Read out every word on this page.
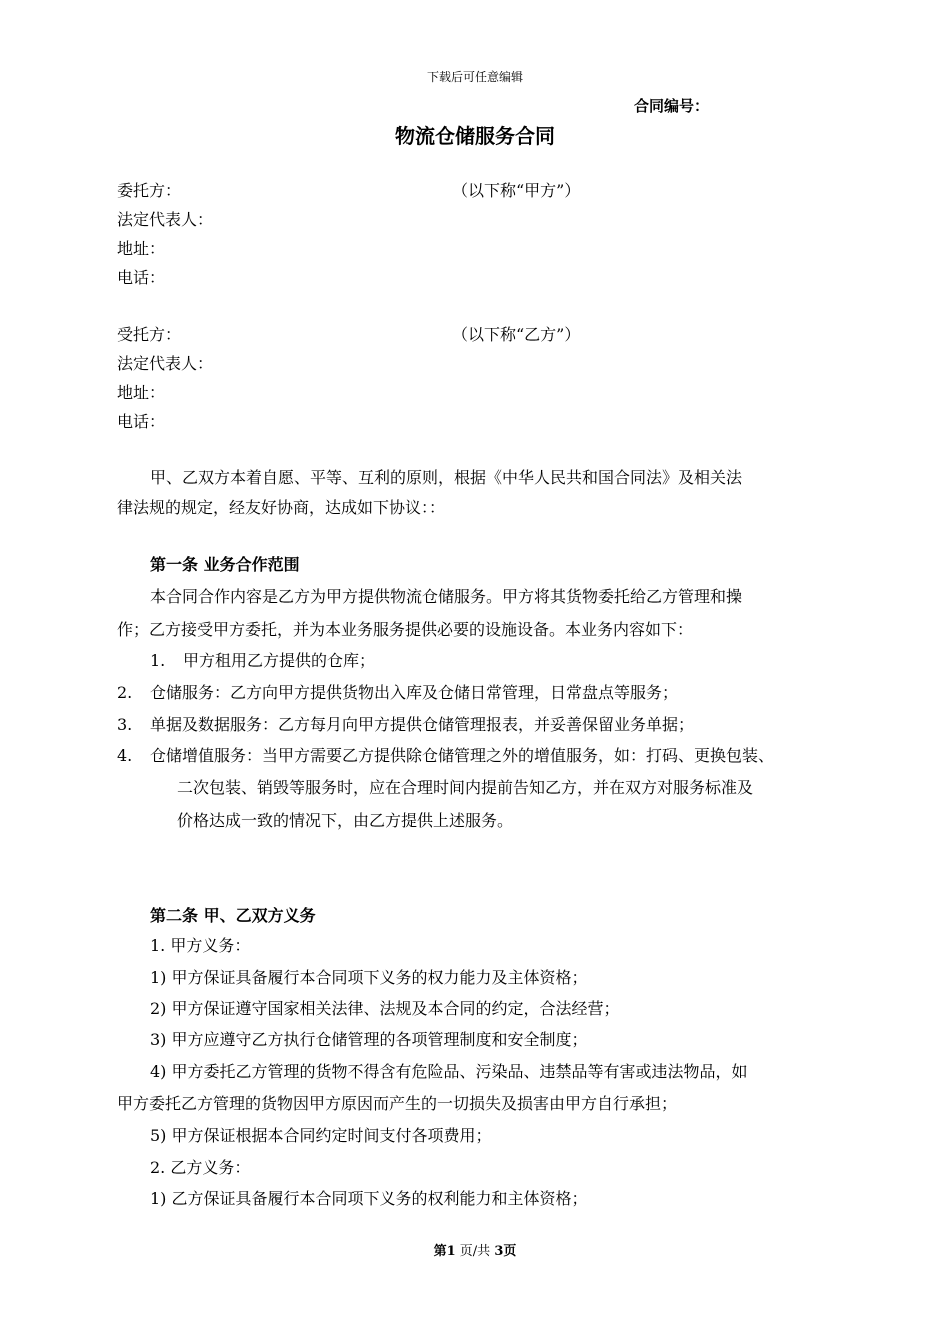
下载后可任意编辑
合同编号：
物流仓储服务合同
委托方：	（以下称“甲方”）
法定代表人：
地址：
电话：
受托方：	（以下称“乙方”）
法定代表人：
地址：
电话：
甲、乙双方本着自愿、平等、互利的原则，根据《中华人民共和国合同法》及相关法
律法规的规定，经友好协商，达成如下协议：：
第一条 业务合作范围
本合同合作内容是乙方为甲方提供物流仓储服务。甲方将其货物委托给乙方管理和操
作；乙方接受甲方委托，并为本业务服务提供必要的设施设备。本业务内容如下：
1. 甲方租用乙方提供的仓库；
2. 仓储服务：乙方向甲方提供货物出入库及仓储日常管理，日常盘点等服务；
3. 单据及数据服务：乙方每月向甲方提供仓储管理报表，并妥善保留业务单据；
4. 仓储增值服务：当甲方需要乙方提供除仓储管理之外的增值服务，如：打码、更换包装、
二次包装、销毁等服务时，应在合理时间内提前告知乙方，并在双方对服务标准及
价格达成一致的情况下，由乙方提供上述服务。
第二条 甲、乙双方义务
1. 甲方义务：
1) 甲方保证具备履行本合同项下义务的权力能力及主体资格；
2) 甲方保证遵守国家相关法律、法规及本合同的约定，合法经营；
3) 甲方应遵守乙方执行仓储管理的各项管理制度和安全制度；
4) 甲方委托乙方管理的货物不得含有危险品、污染品、违禁品等有害或违法物品，如
甲方委托乙方管理的货物因甲方原因而产生的一切损失及损害由甲方自行承担；
5) 甲方保证根据本合同约定时间支付各项费用；
2. 乙方义务：
1) 乙方保证具备履行本合同项下义务的权利能力和主体资格；
第1 页/共 3页
